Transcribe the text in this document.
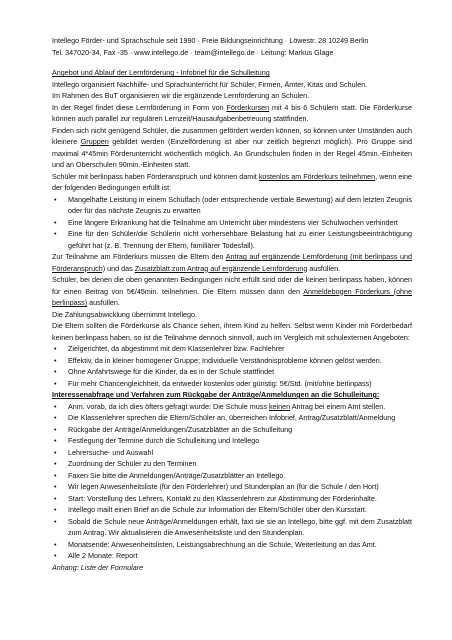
Intellego Förder- und Sprachschule seit 1990 · Freie Bildungseinrichtung · Löwestr. 28 10249 Berlin

Tel. 347020-34, Fax -35 · www.intellego.de · team@intellego.de · Leitung: Markus Glage

Angebot und Ablauf der Lernförderung - Infobrief für die Schulleitung

Intellego organisiert Nachhilfe- und Sprachunterricht für Schüler, Firmen, Ämter, Kitas und Schulen.

Im Rahmen des BuT organisieren wir die ergänzende Lernförderung an Schulen.

In der Regel findet diese Lernförderung in Form von Förderkursen mit 4 bis 6 Schülern statt. Die Förderkurse können auch parallel zur regulären Lernzeit/Hausaufgabenbetreuung stattfinden.

Finden sich nicht genügend Schüler, die zusammen gefördert werden können, so können unter Umständen auch kleinere Gruppen gebildet werden (Einzelförderung ist aber nur zeitlich begrenzt möglich). Pro Gruppe sind maximal 4*45min Förderunterricht wöchentlich möglich. An Grundschulen finden in der Regel 45min.-Einheiten und an Oberschulen 90min.-Einheiten statt.

Schüler mit berlinpass haben Förderanspruch und können damit kostenlos am Förderkurs teilnehmen, wenn eine der folgenden Bedingungen erfüllt ist:

• Mangelhafte Leistung in einem Schulfach (oder entsprechende verbale Bewertung) auf dem letzten Zeugnis oder für das nächste Zeugnis zu erwarten
• Eine längere Erkrankung hat die Teilnahme am Unterricht über mindestens vier Schulwochen verhindert
• Eine für den Schüler/die Schülerin nicht vorhersehbare Belastung hat zu einer Leistungsbeeinträchtigung geführt hat (z. B. Trennung der Eltern, familiärer Todesfall).

Zur Teilnahme am Förderkurs müssen die Eltern den Antrag auf ergänzende Lernförderung (mit berlinpass und Förderanspruch) und das Zusatzblatt zum Antrag auf ergänzende Lernförderung ausfüllen.

Schüler, bei denen die oben genannten Bedingungen nicht erfüllt sind oder die keinen berlinpass haben, können für einen Beitrag von 5€/45min. teilnehmen. Die Eltern müssen dann den Anmeldebogen Förderkurs (ohne berlinpass) ausfüllen.

Die Zahlungsabwicklung übernimmt Intellego.

Die Eltern sollten die Förderkurse als Chance sehen, ihrem Kind zu helfen. Selbst wenn Kinder mit Förderbedarf keinen berlinpass haben, so ist die Teilnahme dennoch sinnvoll, auch im Vergleich mit schulexternen Angeboten:

• Zielgerichtet, da abgestimmt mit dem Klassenlehrer bzw. Fachlehrer
• Effektiv, da in kleiner homogener Gruppe; Individuelle Verständnisprobleme können gelöst werden.
• Ohne Anfahrtswege für die Kinder, da es in der Schule stattfindet
• Für mehr Chancengleichheit, da entweder kostenlos oder günstig: 5€/Std. (mit/ohne berlinpass)

Interessenabfrage und Verfahren zum Rückgabe der Anträge/Anmeldungen an die Schulleitung:

• Anm. vorab, da ich dies öfters gefragt wurde: Die Schule muss keinen Antrag bei einem Amt stellen.
• Die Klassenlehrer sprechen die Eltern/Schüler an, überreichen Infobrief, Antrag/Zusatzblatt/Anmeldung
• Rückgabe der Anträge/Anmeldungen/Zusatzblätter an die Schulleitung
• Festlegung der Termine durch die Schulleitung und Intellego
• Lehrersuche- und Auswahl
• Zuordnung der Schüler zu den Terminen
• Faxen Sie bitte die Anmeldungen/Anträge/Zusatzblätter an Intellego.
• Wir legen Anwesenheitsliste (für den Förderlehrer) und Stundenplan an (für die Schule / den Hort)
• Start: Vorstellung des Lehrers, Kontakt zu den Klassenlehrern zur Abstimmung der Förderinhalte.
• Intellego mailt einen Brief an die Schule zur Information der Eltern/Schüler über den Kursstart.
• Sobald die Schule neue Anträge/Anmeldungen erhält, faxt sie sie an Intellego, bitte ggf. mit dem Zusatzblatt zum Antrag. Wir aktualisieren die Anwesenheitsliste und den Stundenplan.
• Monatsende: Anwesenheitslisten, Leistungsabrechnung an die Schule, Weiterleitung an das Amt.
• Alle 2 Monate: Report

Anhang: Liste der Formulare
